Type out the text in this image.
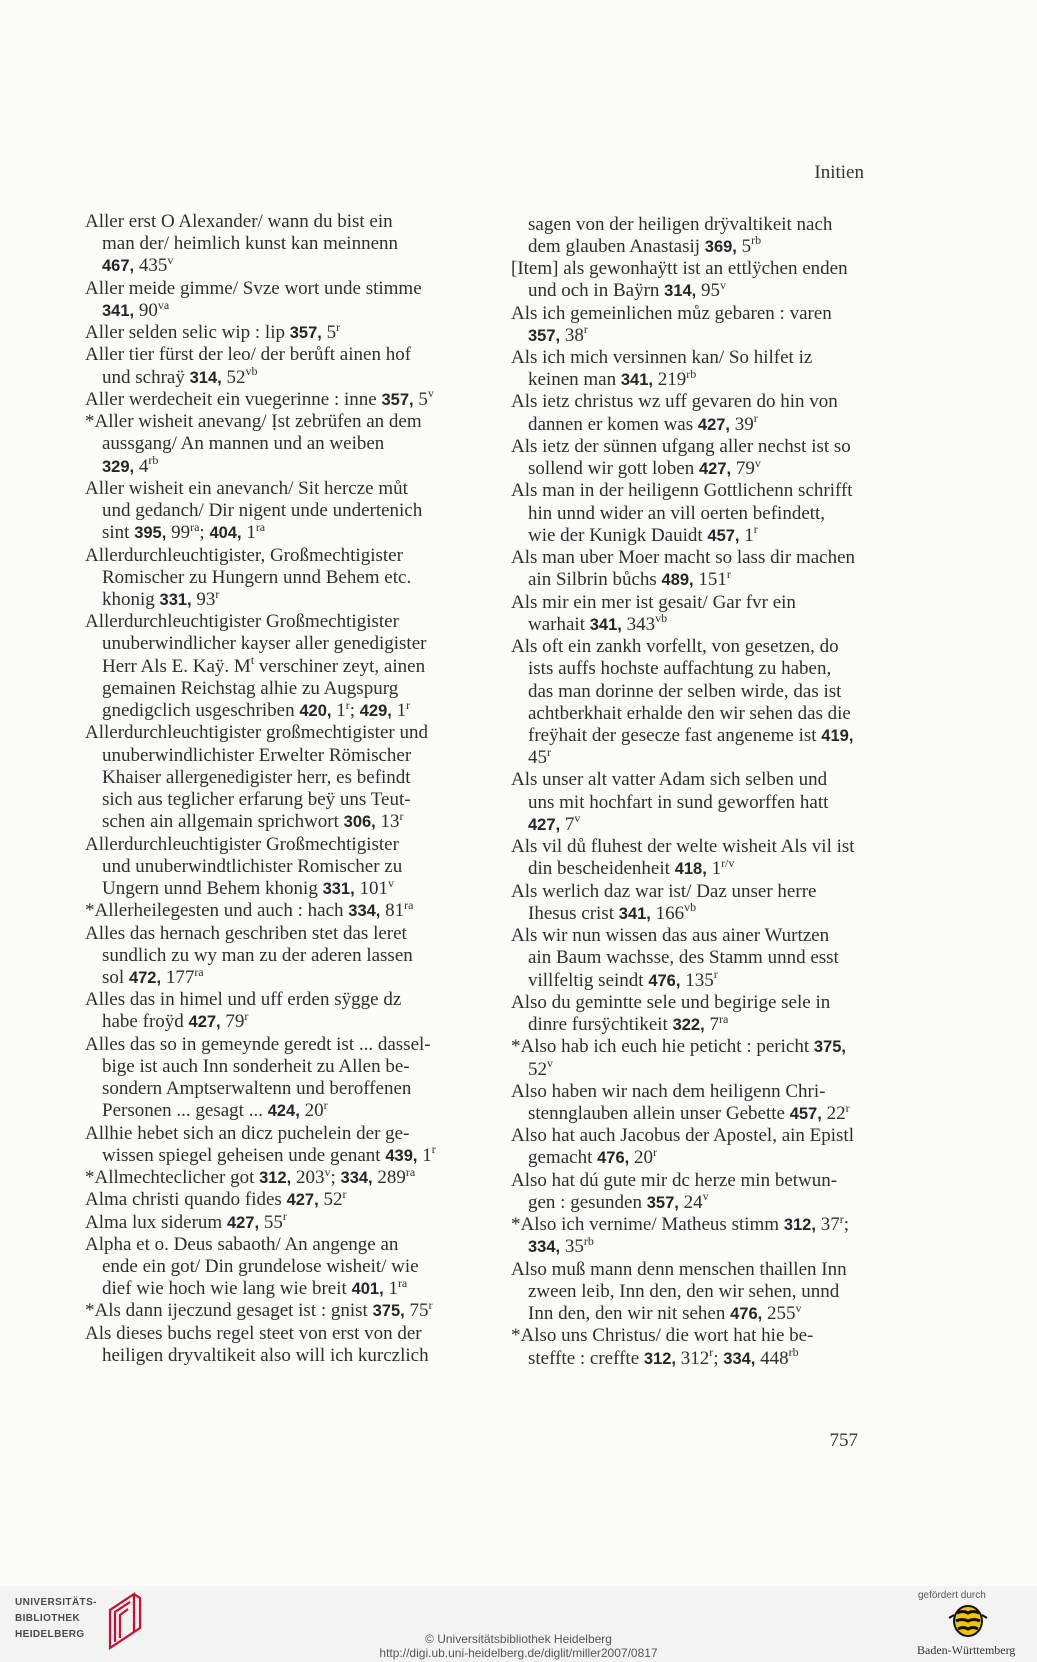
Initien
Aller erst O Alexander/ wann du bist ein
man der/ heimlich kunst kan meinnenn
467, 435$^v$
Aller meide gimme/ Svze wort unde stimme
341, $90^{va}$
Aller selden selic wip : lip 357, 5$^r$
Aller tier fürst der leo/ der berůft ainen hof
und schraÿ 314, $52^{vb}$
Aller werdecheit ein vuegerinne : inne 357, 5$^v$
*Aller wisheit anevang/ Ịst zebrüfen an dem
aussgang/ An mannen und an weiben
329, $4^{rb}$
Aller wisheit ein anevanch/ Sit hercze můt
und gedanch/ Dir nigent unde undertenich
sint 395, $99^{ra}$; 404, $1^{ra}$
Allerdurchleuchtigister, Großmechtigister
Romischer zu Hungern unnd Behem etc.
khonig 331, 93$^r$
Allerdurchleuchtigister Großmechtigister
unuberwindlicher kayser aller genedigister
Herr Als E. Kaÿ. $M^t$ verschiner zeyt, ainen
gemainen Reichstag alhie zu Augspurg
gnedigclich usgeschriben 420, 1$^r$; 429, 1$^r$
Allerdurchleuchtigister großmechtigister und
unuberwindlichister Erwelter Römischer
Khaiser allergenedigister herr, es befindt
sich aus teglicher erfarung beÿ uns Teut-
schen ain allgemain sprichwort 306, 13$^r$
Allerdurchleuchtigister Großmechtigister
und unuberwindtlichister Romischer zu
Ungern unnd Behem khonig 331, 101$^v$
*Allerheilegesten und auch : hach 334, $81^{ra}$
Alles das hernach geschriben stet das leret
sundlich zu wy man zu der aderen lassen
sol 472, $177^{ra}$
Alles das in himel und uff erden sÿgge dz
habe froÿd 427, 79$^r$
Alles das so in gemeynde geredt ist ... dassel-
bige ist auch Inn sonderheit zu Allen be-
sondern Amptserwaltenn und beroffenen
Personen ... gesagt ... 424, 20$^r$
Allhie hebet sich an dicz puchelein der ge-
wissen spiegel geheisen unde genant 439, 1$^r$
*Allmechteclicher got 312, 203$^v$; 334, $289^{ra}$
Alma christi quando fides 427, 52$^r$
Alma lux siderum 427, 55$^r$
Alpha et o. Deus sabaoth/ An angenge an
ende ein got/ Din grundelose wisheit/ wie
dief wie hoch wie lang wie breit 401, $1^{ra}$
*Als dann ijeczund gesaget ist : gnist 375, 75$^r$
Als dieses buchs regel steet von erst von der
heiligen dryvaltikeit also will ich kurczlich
sagen von der heiligen drÿvaltikeit nach
dem glauben Anastasij 369, $5^{rb}$
[Item] als gewonhaÿtt ist an ettlÿchen enden
und och in Baÿrn 314, 95$^v$
Als ich gemeinlichen můz gebaren : varen
357, 38$^r$
Als ich mich versinnen kan/ So hilfet iz
keinen man 341, $219^{rb}$
Als ietz christus wz uff gevaren do hin von
dannen er komen was 427, 39$^r$
Als ietz der sünnen ufgang aller nechst ist so
sollend wir gott loben 427, 79$^v$
Als man in der heiligenn Gottlichenn schrifft
hin unnd wider an vill oerten befindett,
wie der Kunigk Dauidt 457, 1$^r$
Als man uber Moer macht so lass dir machen
ain Silbrin bůchs 489, 151$^r$
Als mir ein mer ist gesait/ Gar fvr ein
warhait 341, $343^{vb}$
Als oft ein zankh vorfellt, von gesetzen, do
ists auffs hochste auffachtung zu haben,
das man dorinne der selben wirde, das ist
achtberkhait erhalde den wir sehen das die
freÿhait der gesecze fast angeneme ist 419,
45$^r$
Als unser alt vatter Adam sich selben und
uns mit hochfart in sund geworffen hatt
427, 7$^v$
Als vil dů fluhest der welte wisheit Als vil ist
din bescheidenheit 418, $1^{r/v}$
Als werlich daz war ist/ Daz unser herre
Ihesus crist 341, $166^{vb}$
Als wir nun wissen das aus ainer Wurtzen
ain Baum wachsse, des Stamm unnd esst
villfeltig seindt 476, 135$^r$
Also du gemintte sele und begirige sele in
dinre fursÿchtikeit 322, $7^{ra}$
*Also hab ich euch hie peticht : pericht 375,
52$^v$
Also haben wir nach dem heiligenn Chri-
stennglauben allein unser Gebette 457, 22$^r$
Also hat auch Jacobus der Apostel, ain Epistl
gemacht 476, 20$^r$
Also hat dú gute mir dc herze min betwun-
gen : gesunden 357, 24$^v$
*Also ich vernime/ Matheus stimm 312, 37$^r$;
334, $35^{rb}$
Also muß mann denn menschen thaillen Inn
zween leib, Inn den, den wir sehen, unnd
Inn den, den wir nit sehen 476, 255$^v$
*Also uns Christus/ die wort hat hie be-
steffte : creffte 312, 312$^r$; 334, $448^{rb}$
757
UNIVERSITÄTS-
BIBLIOTHEK
HEIDELBERG	© Universitätsbibliothek Heidelberg
http://digi.ub.uni-heidelberg.de/diglit/miller2007/0817
gefördert durch
Baden-Württemberg
